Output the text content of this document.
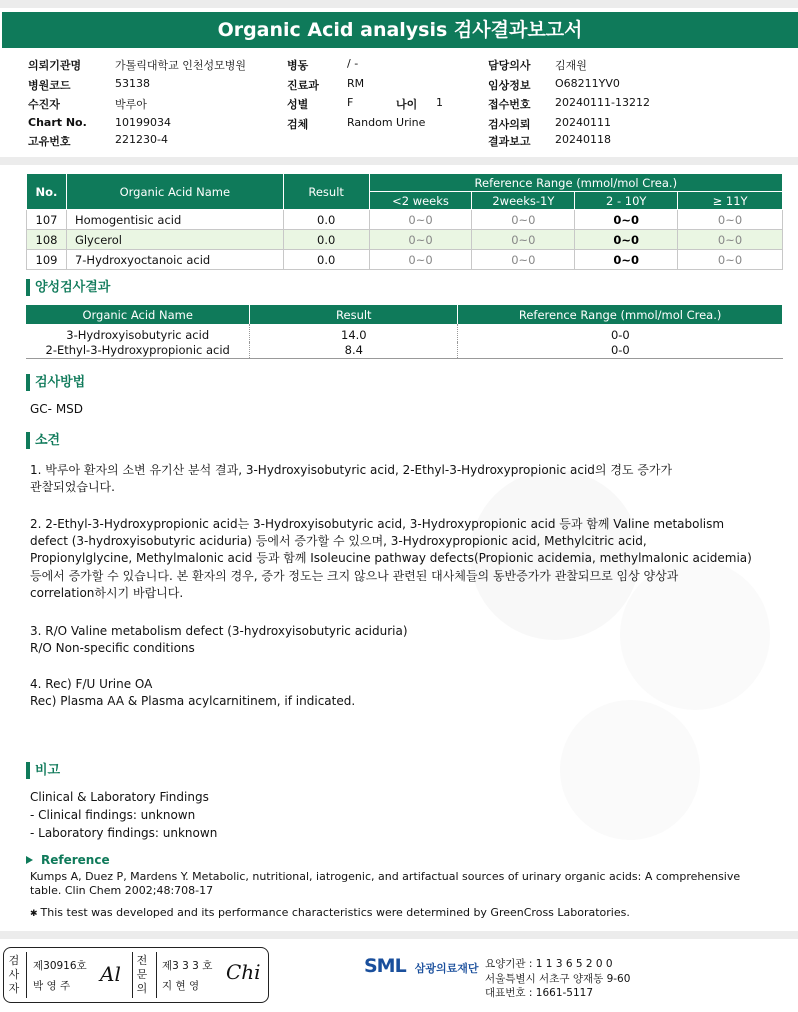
Organic Acid analysis 검사결과보고서
의뢰기관명	가톨릭대학교 인천성모병원
병원코드	53138
수진자	박루아
Chart No.	10199034
고유번호	221230-4
병동	/ -
진료과	RM
성별	F	나이 1
검체	Random Urine
담당의사 김재원
임상정보 O68211YV0
접수번호 20240111-13212
검사의뢰 20240111
결과보고 20240118
No.	Organic Acid Name	Result	Reference Range (mmol/mol Crea.)			
			<2 weeks	2weeks-1Y	2 - 10Y	≥ 11Y
107	Homogentisic acid	0.0	0~0	0~0	0~0	0~0
108	Glycerol	0.0	0~0	0~0	0~0	0~0
109	7-Hydroxyoctanoic acid	0.0	0~0	0~0	0~0	0~0
양성검사결과
Organic Acid Name	Result	Reference Range (mmol/mol Crea.)
3-Hydroxyisobutyric acid	14.0	0-0
2-Ethyl-3-Hydroxypropionic acid	8.4	0-0
검사방법
GC- MSD
소견
1. 박루아 환자의 소변 유기산 분석 결과, 3-Hydroxyisobutyric acid, 2-Ethyl-3-Hydroxypropionic acid의 경도 증가가
관찰되었습니다.
2. 2-Ethyl-3-Hydroxypropionic acid는 3-Hydroxyisobutyric acid, 3-Hydroxypropionic acid 등과 함께 Valine metabolism
defect (3-hydroxyisobutyric aciduria) 등에서 증가할 수 있으며, 3-Hydroxypropionic acid, Methylcitric acid,
Propionylglycine, Methylmalonic acid 등과 함께 Isoleucine pathway defects(Propionic acidemia, methylmalonic acidemia)
등에서 증가할 수 있습니다. 본 환자의 경우, 증가 정도는 크지 않으나 관련된 대사체들의 동반증가가 관찰되므로 임상 양상과
correlation하시기 바랍니다.
3. R/O Valine metabolism defect (3-hydroxyisobutyric aciduria)
R/O Non-specific conditions
4. Rec) F/U Urine OA
Rec) Plasma AA & Plasma acylcarnitinem, if indicated.
비고
Clinical & Laboratory Findings
- Clinical findings: unknown
- Laboratory findings: unknown
Reference
Kumps A, Duez P, Mardens Y. Metabolic, nutritional, iatrogenic, and artifactual sources of urinary organic acids: A comprehensive
table. Clin Chem 2002;48:708-17
✱ This test was developed and its performance characteristics were determined by GreenCross Laboratories.
검사자
제30916호
박 영 주 Al
전문의
제3 3 3 호
지 현 영
Chi	SML 삼광의료재단 요양기관 : 1 1 3 6 5 2 0 0
서울특별시 서초구 양재동 9-60
대표번호 : 1661-5117
